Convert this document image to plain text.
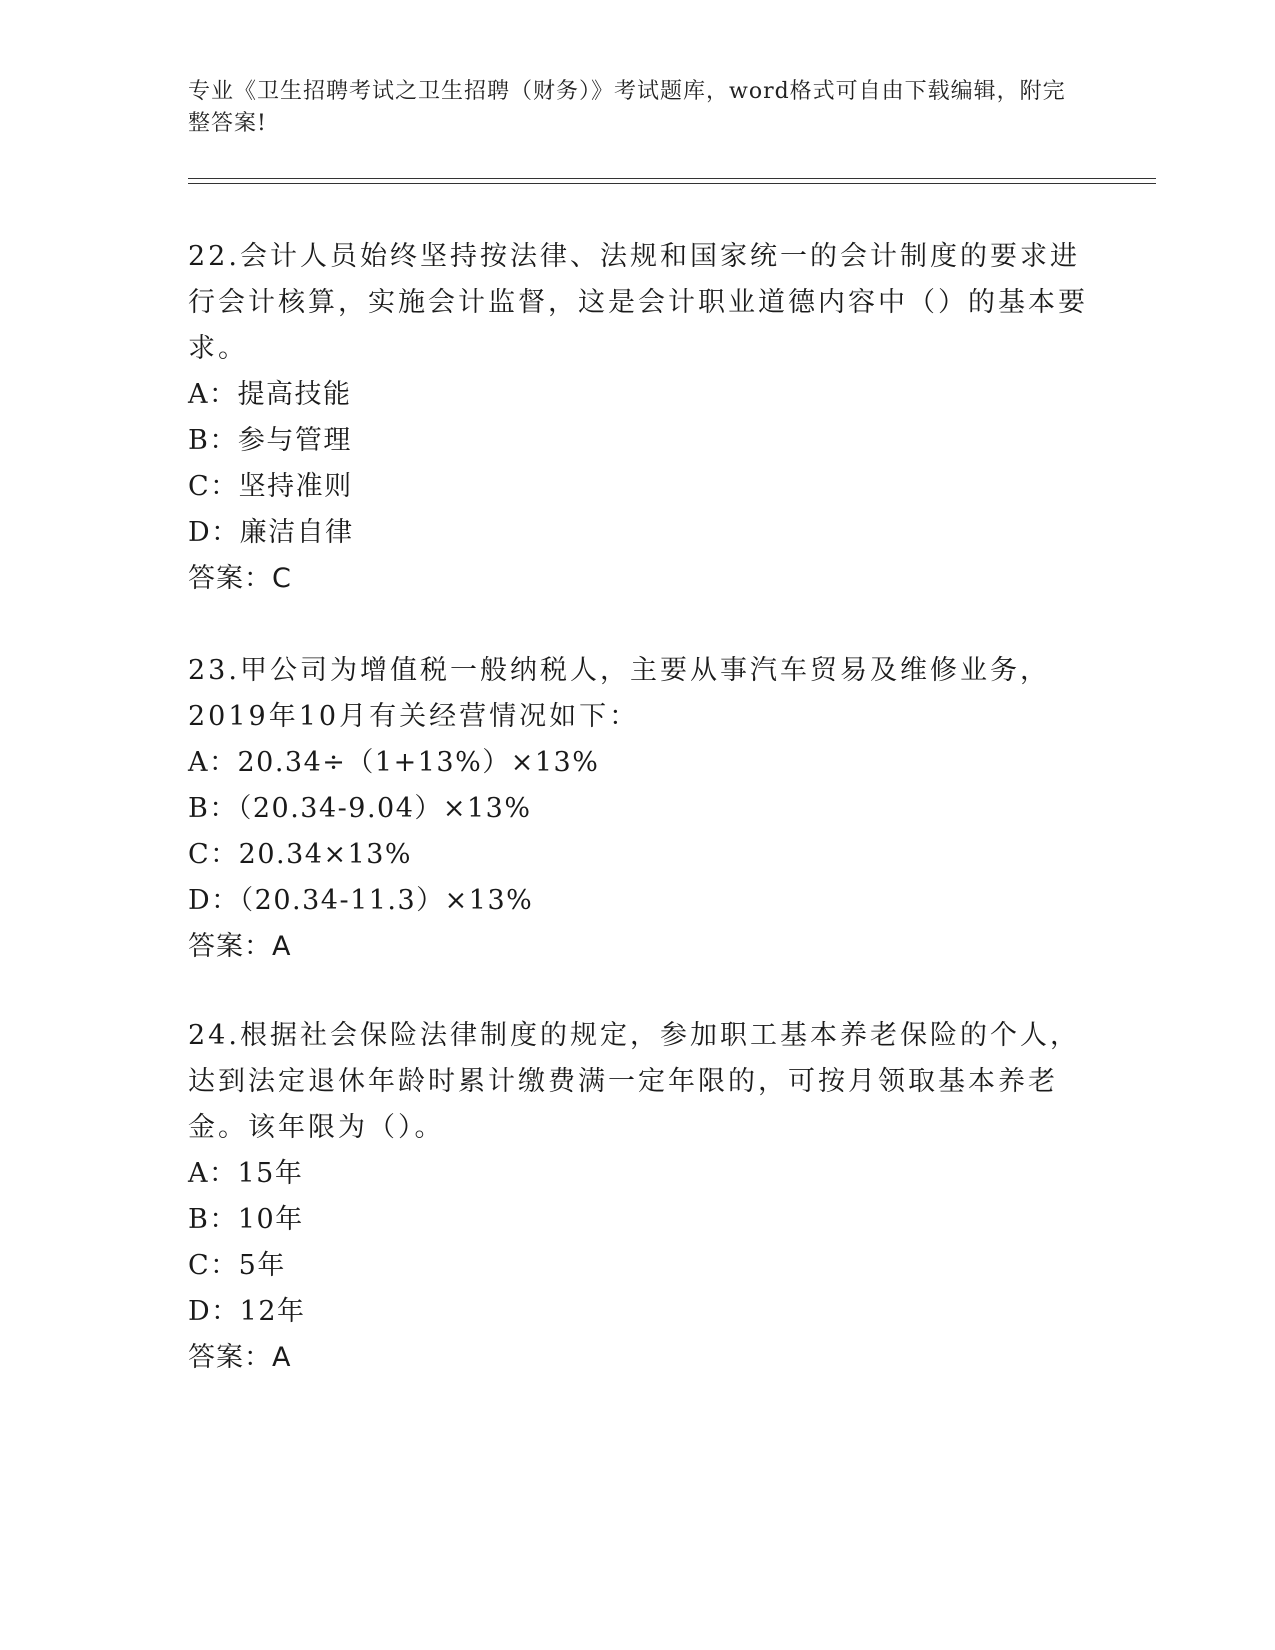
专业《卫生招聘考试之卫生招聘（财务）》考试题库，word格式可自由下载编辑，附完整答案!

22.会计人员始终坚持按法律、法规和国家统一的会计制度的要求进行会计核算，实施会计监督，这是会计职业道德内容中（）的基本要求。

A：提高技能

B：参与管理

C：坚持准则

D：廉洁自律

答案：C

23.甲公司为增值税一般纳税人，主要从事汽车贸易及维修业务，2019年10月有关经营情况如下：

A：20.34÷（1+13%）×13%

B：（20.34-9.04）×13%

C：20.34×13%

D：（20.34-11.3）×13%

答案：A

24.根据社会保险法律制度的规定，参加职工基本养老保险的个人，达到法定退休年龄时累计缴费满一定年限的，可按月领取基本养老金。该年限为（）。

A：15年

B：10年

C：5年

D：12年

答案：A
